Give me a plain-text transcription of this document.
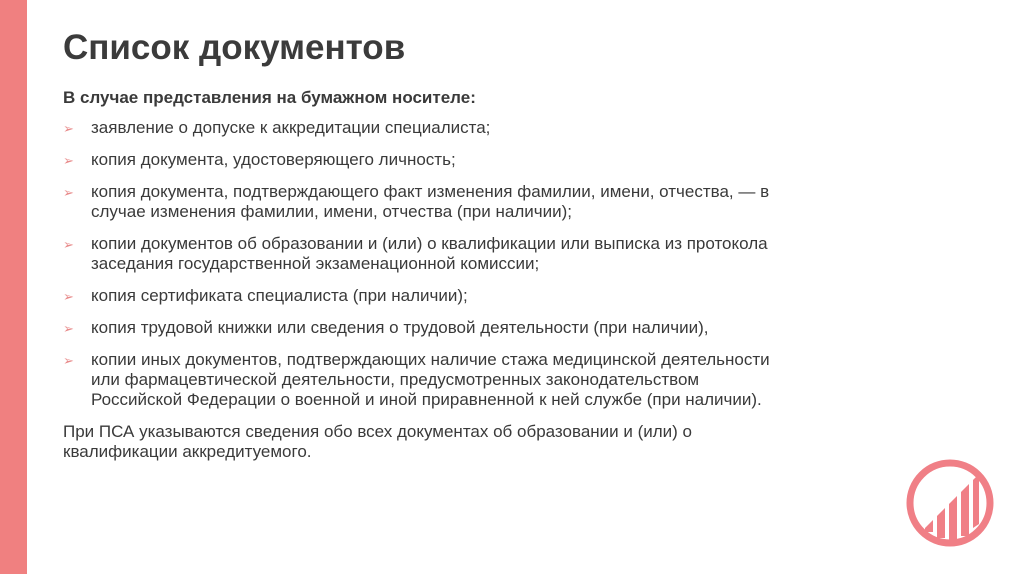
Список документов
В случае представления на бумажном носителе:
➢ заявление о допуске к аккредитации специалиста;
➢ копия документа, удостоверяющего личность;
➢ копия документа, подтверждающего факт изменения фамилии, имени, отчества, — в
случае изменения фамилии, имени, отчества (при наличии);
➢ копии документов об образовании и (или) о квалификации или выписка из протокола
заседания государственной экзаменационной комиссии;
➢ копия сертификата специалиста (при наличии);
➢ копия трудовой книжки или сведения о трудовой деятельности (при наличии),
➢ копии иных документов, подтверждающих наличие стажа медицинской деятельности
или фармацевтической деятельности, предусмотренных законодательством
Российской Федерации о военной и иной приравненной к ней службе (при наличии).
При ПСА указываются сведения обо всех документах об образовании и (или) о
квалификации аккредитуемого.
